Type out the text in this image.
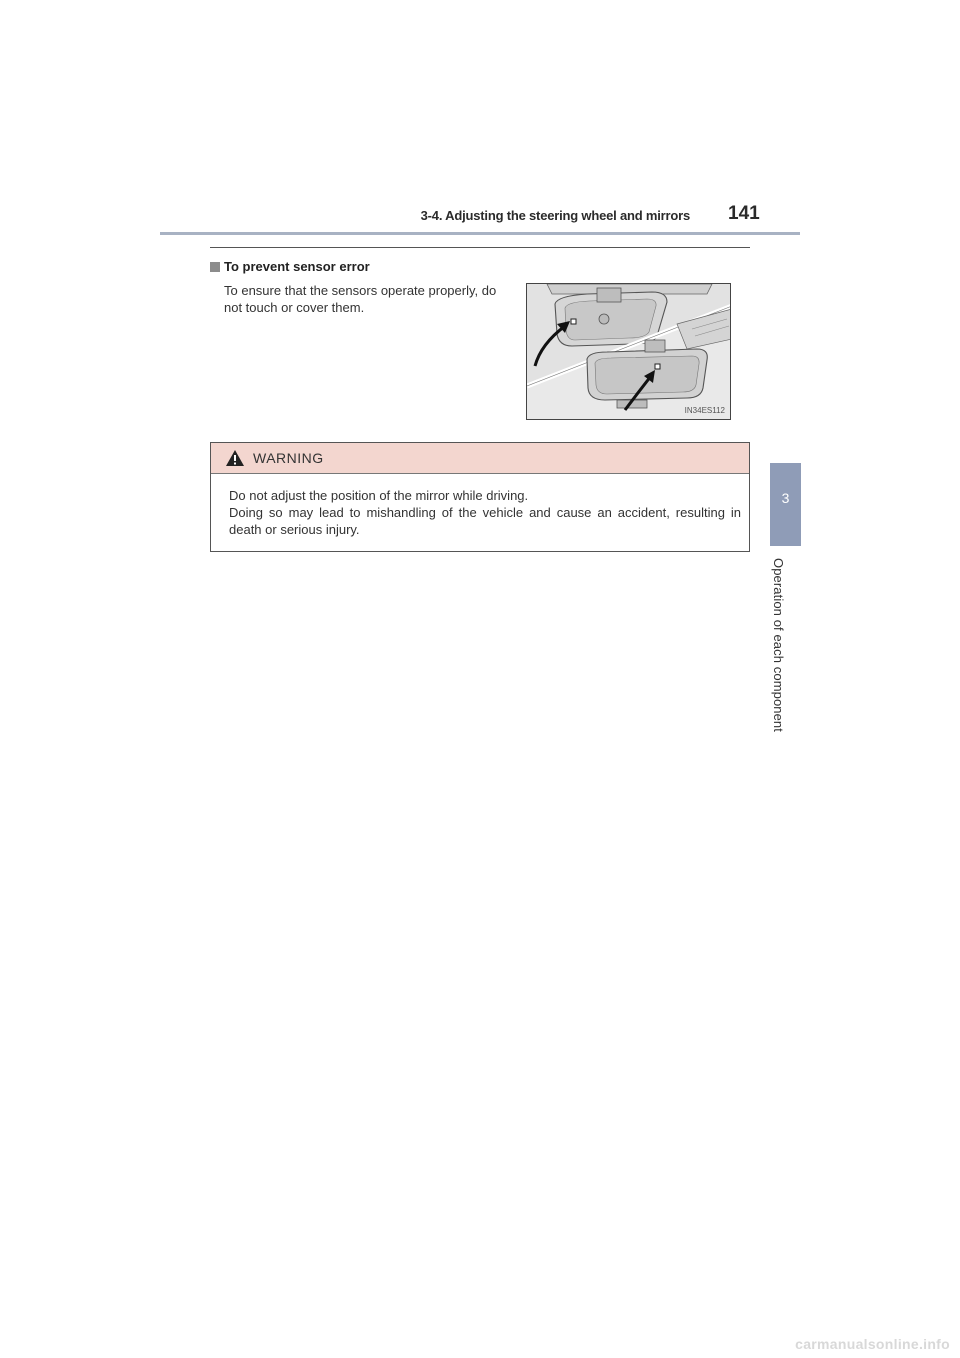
3-4. Adjusting the steering wheel and mirrors 141
3
Operation of each component
To prevent sensor error
To ensure that the sensors operate properly, do not touch or cover them.
IN34ES112
WARNING

Do not adjust the position of the mirror while driving.

Doing so may lead to mishandling of the vehicle and cause an accident, resulting in death or serious injury.

carmanualsonline.info
